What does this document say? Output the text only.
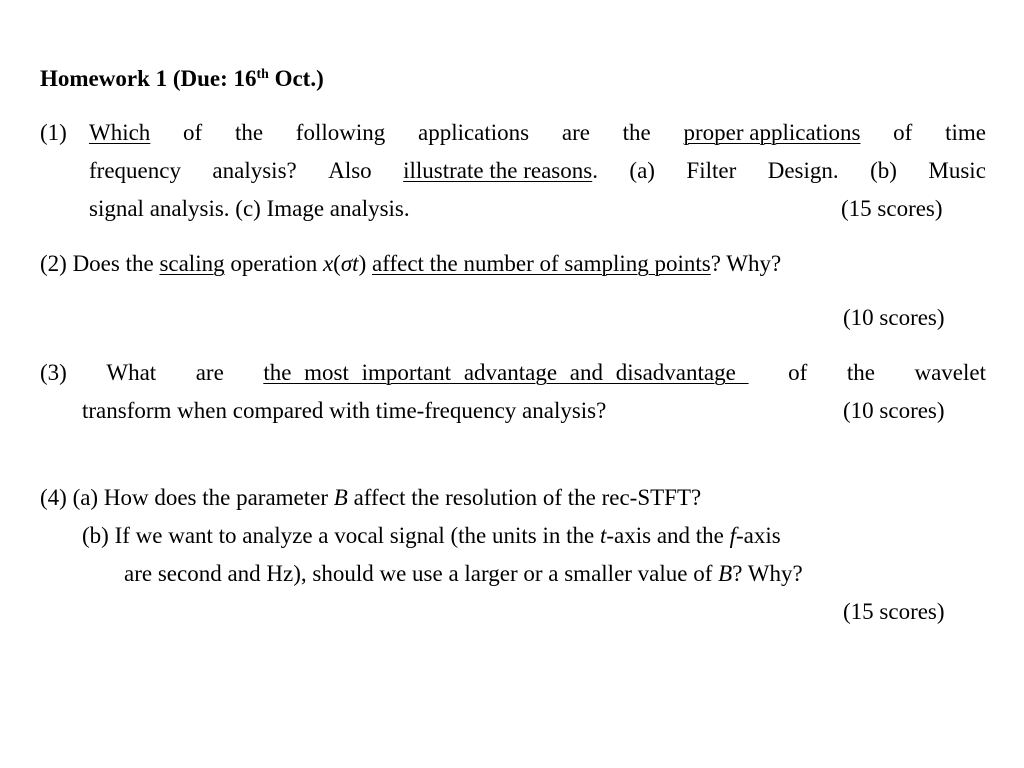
Homework 1 (Due: 16th Oct.)
(1) Which of the following applications are the proper applications of time
frequency analysis? Also illustrate the reasons. (a) Filter Design. (b) Music
signal analysis. (c) Image analysis.	(15 scores)
(2) Does the scaling operation x(σt) affect the number of sampling points? Why?
(10 scores)
(3) What are the most important advantage and disadvantage of the wavelet
transform when compared with time-frequency analysis?	(10 scores)
(4) (a) How does the parameter B affect the resolution of the rec-STFT?
(b) If we want to analyze a vocal signal (the units in the t-axis and the f-axis
are second and Hz), should we use a larger or a smaller value of B? Why?
(15 scores)
